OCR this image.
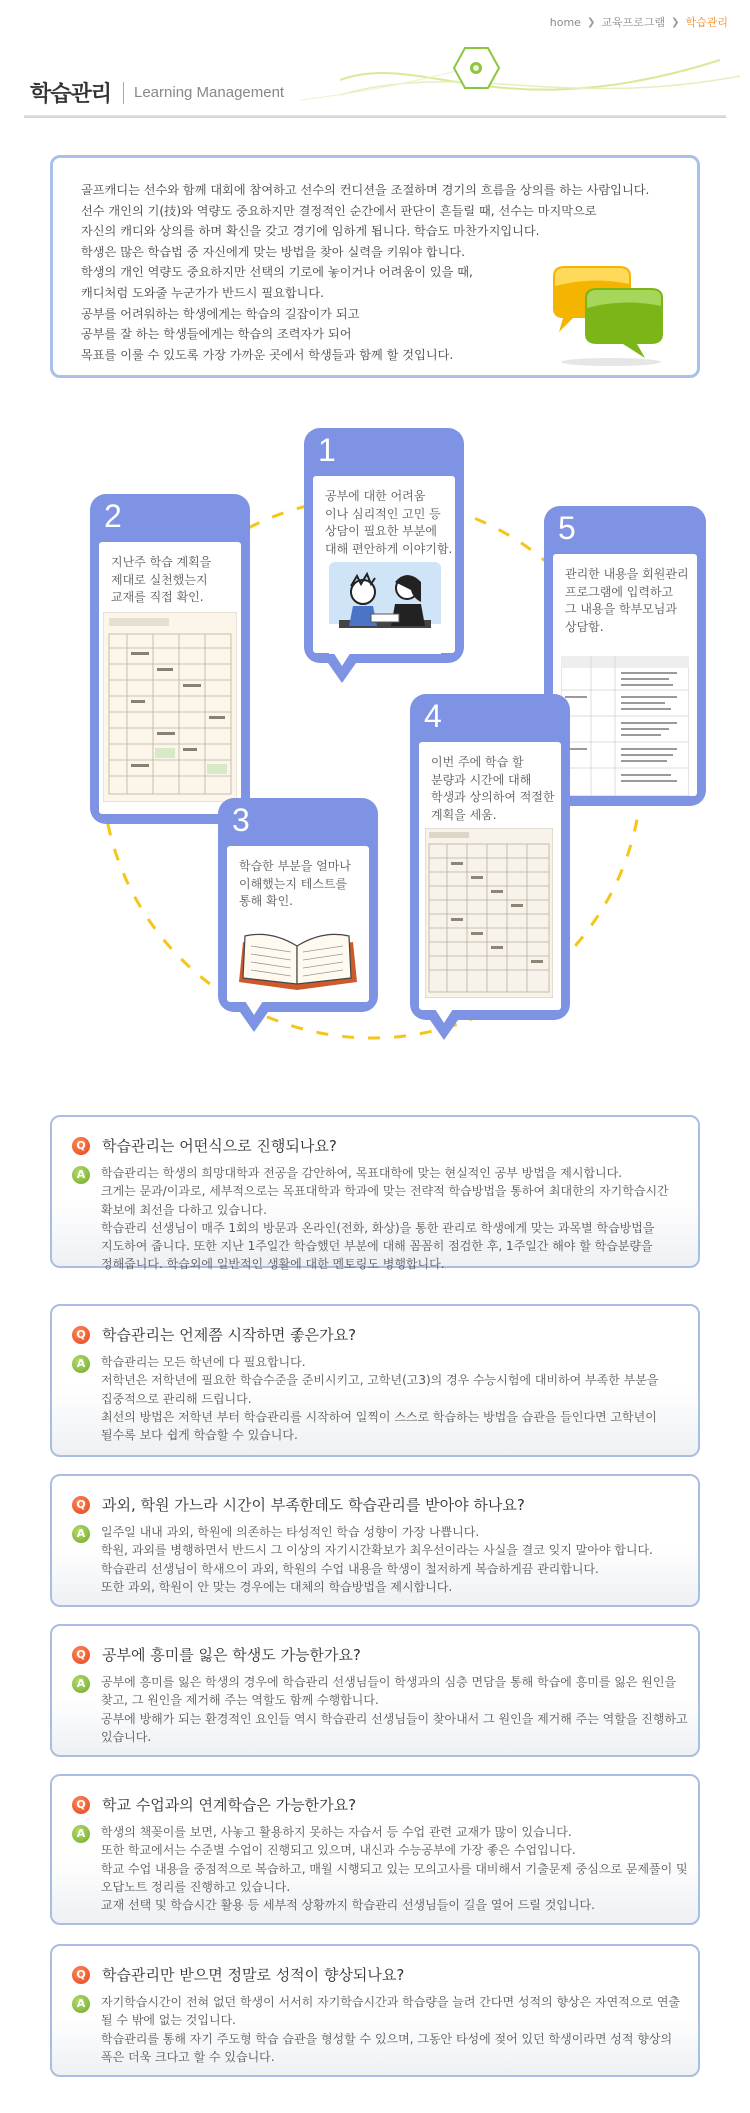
home ❯ 교육프로그램 ❯ 학습관리
학습관리 Learning Management

골프캐디는 선수와 함께 대회에 참여하고 선수의 컨디션을 조절하며 경기의 흐름을 상의를 하는 사람입니다.
선수 개인의 기(技)와 역량도 중요하지만 결정적인 순간에서 판단이 흔들릴 때, 선수는 마지막으로
자신의 캐디와 상의를 하며 확신을 갖고 경기에 임하게 됩니다. 학습도 마찬가지입니다.
학생은 많은 학습법 중 자신에게 맞는 방법을 찾아 실력을 키워야 합니다.
학생의 개인 역량도 중요하지만 선택의 기로에 놓이거나 어려움이 있을 때,
캐디처럼 도와줄 누군가가 반드시 필요합니다.
공부를 어려워하는 학생에게는 학습의 길잡이가 되고
공부를 잘 하는 학생들에게는 학습의 조력자가 되어
목표를 이룰 수 있도록 가장 가까운 곳에서 학생들과 함께 할 것입니다.

1
공부에 대한 어려움
이나 심리적인 고민 등
상담이 필요한 부분에
대해 편안하게 이야기함.
2
지난주 학습 계획을
제대로 실천했는지
교재를 직접 확인.
5
관리한 내용을 회원관리
프로그램에 입력하고
그 내용을 학부모님과
상담함.
4
이번 주에 학습 할
분량과 시간에 대해
학생과 상의하여 적절한
계획을 세움.
3
학습한 부분을 얼마나
이해했는지 테스트를
통해 확인.
Q 학습관리는 어떤식으로 진행되나요?
A	학습관리는 학생의 희망대학과 전공을 감안하여, 목표대학에 맞는 현실적인 공부 방법을 제시합니다.
크게는 문과/이과로, 세부적으로는 목표대학과 학과에 맞는 전략적 학습방법을 통하여 최대한의 자기학습시간
확보에 최선을 다하고 있습니다.
학습관리 선생님이 매주 1회의 방문과 온라인(전화, 화상)을 통한 관리로 학생에게 맞는 과목별 학습방법을
지도하여 줍니다. 또한 지난 1주일간 학습했던 부분에 대해 꼼꼼히 점검한 후, 1주일간 해야 할 학습분량을
정해줍니다. 학습외에 일반적인 생활에 대한 멘토링도 병행합니다.
Q 학습관리는 언제쯤 시작하면 좋은가요?
A	학습관리는 모든 학년에 다 필요합니다.
저학년은 저학년에 필요한 학습수준을 준비시키고, 고학년(고3)의 경우 수능시험에 대비하여 부족한 부분을
집중적으로 관리해 드립니다.
최선의 방법은 저학년 부터 학습관리를 시작하여 일찍이 스스로 학습하는 방법을 습관을 들인다면 고학년이
될수록 보다 쉽게 학습할 수 있습니다.
Q 과외, 학원 가느라 시간이 부족한데도 학습관리를 받아야 하나요?
A	일주일 내내 과외, 학원에 의존하는 타성적인 학습 성향이 가장 나쁩니다.
학원, 과외를 병행하면서 반드시 그 이상의 자기시간확보가 최우선이라는 사실을 결코 잊지 말아야 합니다.
학습관리 선생님이 학새으이 과외, 학원의 수업 내용을 학생이 철저하게 복습하게끔 관리합니다.
또한 과외, 학원이 안 맞는 경우에는 대체의 학습방법을 제시합니다.
Q 공부에 흥미를 잃은 학생도 가능한가요?
A	공부에 흥미를 잃은 학생의 경우에 학습관리 선생님들이 학생과의 심층 면담을 통해 학습에 흥미를 잃은 원인을
찾고, 그 원인을 제거해 주는 역할도 함께 수행합니다.
공부에 방해가 되는 환경적인 요인들 역시 학습관리 선생님들이 찾아내서 그 원인을 제거해 주는 역할을 진행하고
있습니다.
Q 학교 수업과의 연계학습은 가능한가요?
A	학생의 책꽂이를 보면, 사놓고 활용하지 못하는 자습서 등 수업 관련 교재가 많이 있습니다.
또한 학교에서는 수준별 수업이 진행되고 있으며, 내신과 수능공부에 가장 좋은 수업입니다.
학교 수업 내용을 중점적으로 복습하고, 매월 시행되고 있는 모의고사를 대비해서 기출문제 중심으로 문제풀이 및
오답노트 정리를 진행하고 있습니다.
교재 선택 및 학습시간 활용 등 세부적 상황까지 학습관리 선생님들이 길을 열어 드릴 것입니다.
Q 학습관리만 받으면 정말로 성적이 향상되나요?
A	자기학습시간이 전혀 없던 학생이 서서히 자기학습시간과 학습량을 늘려 간다면 성적의 향상은 자연적으로 연출
될 수 밖에 없는 것입니다.
학습관리를 통해 자기 주도형 학습 습관을 형성할 수 있으며, 그동안 타성에 젖어 있던 학생이라면 성적 향상의
폭은 더욱 크다고 할 수 있습니다.
